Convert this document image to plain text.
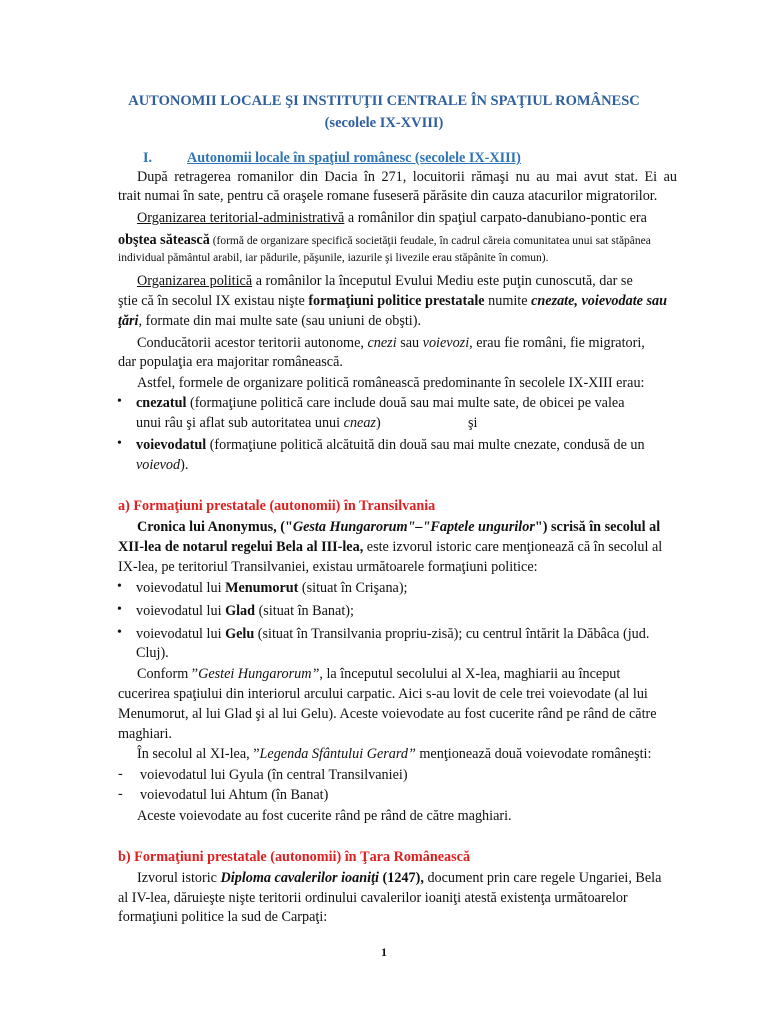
AUTONOMII LOCALE ŞI INSTITUŢII CENTRALE ÎN SPAŢIUL ROMÂNESC
(secolele IX-XVIII)
I. Autonomii locale în spaţiul românesc (secolele IX-XIII)
După retragerea romanilor din Dacia în 271, locuitorii rămaşi nu au mai avut stat. Ei au
trait numai în sate, pentru că oraşele romane fuseseră părăsite din cauza atacurilor migratorilor.
Organizarea teritorial-administrativă a românilor din spaţiul carpato-danubiano-pontic era
obştea sătească (formă de organizare specifică societăţii feudale, în cadrul căreia comunitatea unui sat stăpânea
individual pământul arabil, iar pădurile, păşunile, iazurile şi livezile erau stăpânite în comun).
Organizarea politică a românilor la începutul Evului Mediu este puţin cunoscută, dar se
ştie că în secolul IX existau nişte formaţiuni politice prestatale numite cnezate, voievodate sau
ţări, formate din mai multe sate (sau uniuni de obşti).
Conducătorii acestor teritorii autonome, cnezi sau voievozi, erau fie români, fie migratori,
dar populaţia era majoritar românească.
Astfel, formele de organizare politică românească predominante în secolele IX-XIII erau:
• cnezatul (formaţiune politică care include două sau mai multe sate, de obicei pe valea
unui râu şi aflat sub autoritatea unui cneaz)	şi
• voievodatul (formaţiune politică alcătuită din două sau mai multe cnezate, condusă de un
voievod).
a) Formaţiuni prestatale (autonomii) în Transilvania
Cronica lui Anonymus, ("Gesta Hungarorum"–"Faptele ungurilor") scrisă în secolul al
XII-lea de notarul regelui Bela al III-lea, este izvorul istoric care menţionează că în secolul al
IX-lea, pe teritoriul Transilvaniei, existau următoarele formaţiuni politice:
• voievodatul lui Menumorut (situat în Crişana);
• voievodatul lui Glad (situat în Banat);
• voievodatul lui Gelu (situat în Transilvania propriu-zisă); cu centrul întărit la Dăbâca (jud.
Cluj).
Conform ”Gestei Hungarorum”, la începutul secolului al X-lea, maghiarii au început
cucerirea spaţiului din interiorul arcului carpatic. Aici s-au lovit de cele trei voievodate (al lui
Menumorut, al lui Glad şi al lui Gelu). Aceste voievodate au fost cucerite rând pe rând de către
maghiari.
În secolul al XI-lea, ”Legenda Sfântului Gerard” menţionează două voievodate româneşti:
- voievodatul lui Gyula (în central Transilvaniei)
- voievodatul lui Ahtum (în Banat)
Aceste voievodate au fost cucerite rând pe rând de către maghiari.
b) Formaţiuni prestatale (autonomii) în Ţara Românească
Izvorul istoric Diploma cavalerilor ioaniţi (1247), document prin care regele Ungariei, Bela
al IV-lea, dăruieşte nişte teritorii ordinului cavalerilor ioaniţi atestă existenţa următoarelor
formaţiuni politice la sud de Carpaţi:
1
